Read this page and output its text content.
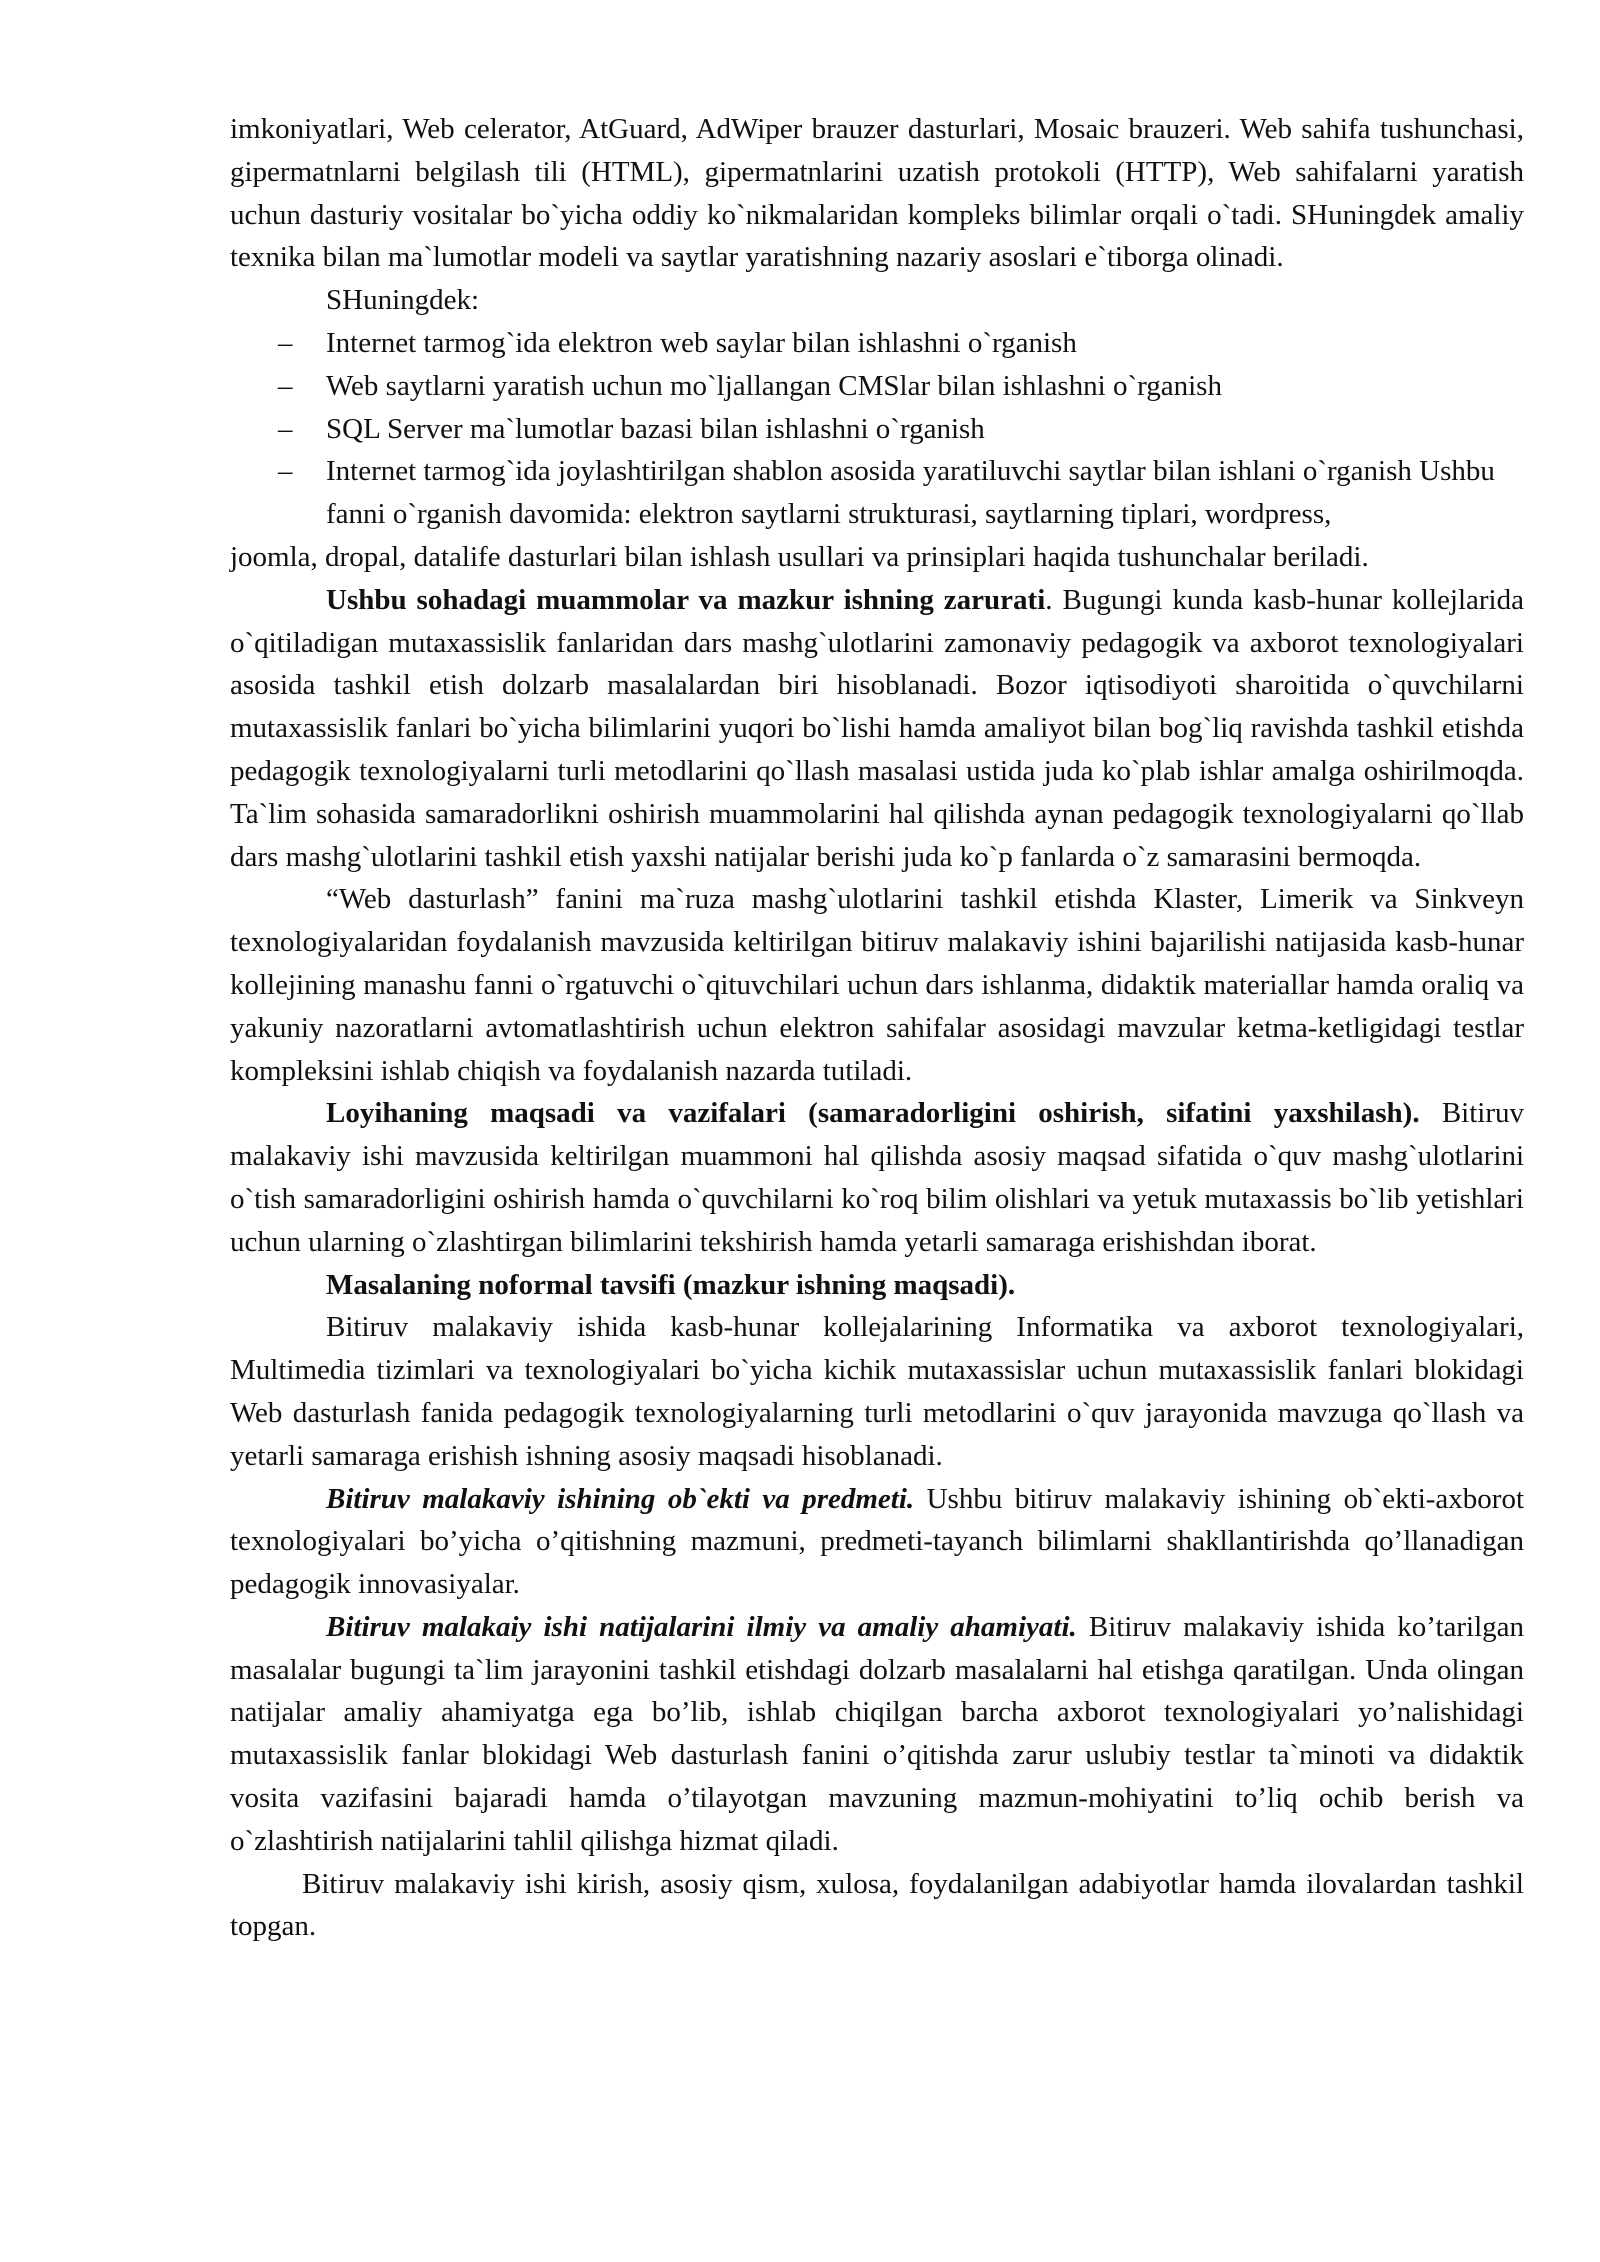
imkoniyatlari, Web celerator, AtGuard, AdWiper brauzer dasturlari, Mosaic brauzeri. Web sahifa tushunchasi, gipermatnlarni belgilash tili (HTML), gipermatnlarini uzatish protokoli (HTTP), Web sahifalarni yaratish uchun dasturiy vositalar bo`yicha oddiy ko`nikmalaridan kompleks bilimlar orqali o`tadi. SHuningdek amaliy texnika bilan ma`lumotlar modeli va saytlar yaratishning nazariy asoslari e`tiborga olinadi.

SHuningdek:

– Internet tarmog`ida elektron web saylar bilan ishlashni o`rganish
– Web saytlarni yaratish uchun mo`ljallangan CMSlar bilan ishlashni o`rganish
– SQL Server ma`lumotlar bazasi bilan ishlashni o`rganish
– Internet tarmog`ida joylashtirilgan shablon asosida yaratiluvchi saytlar bilan ishlani o`rganish Ushbu fanni o`rganish davomida: elektron saytlarni strukturasi, saytlarning tiplari, wordpress,

joomla, dropal, datalife dasturlari bilan ishlash usullari va prinsiplari haqida tushunchalar beriladi.

Ushbu sohadagi muammolar va mazkur ishning zarurati. Bugungi kunda kasb-hunar kollejlarida o`qitiladigan mutaxassislik fanlaridan dars mashg`ulotlarini zamonaviy pedagogik va axborot texnologiyalari asosida tashkil etish dolzarb masalalardan biri hisoblanadi. Bozor iqtisodiyoti sharoitida o`quvchilarni mutaxassislik fanlari bo`yicha bilimlarini yuqori bo`lishi hamda amaliyot bilan bog`liq ravishda tashkil etishda pedagogik texnologiyalarni turli metodlarini qo`llash masalasi ustida juda ko`plab ishlar amalga oshirilmoqda. Ta`lim sohasida samaradorlikni oshirish muammolarini hal qilishda aynan pedagogik texnologiyalarni qo`llab dars mashg`ulotlarini tashkil etish yaxshi natijalar berishi juda ko`p fanlarda o`z samarasini bermoqda.

“Web dasturlash” fanini ma`ruza mashg`ulotlarini tashkil etishda Klaster, Limerik va Sinkveyn texnologiyalaridan foydalanish mavzusida keltirilgan bitiruv malakaviy ishini bajarilishi natijasida kasb-hunar kollejining manashu fanni o`rgatuvchi o`qituvchilari uchun dars ishlanma, didaktik materiallar hamda oraliq va yakuniy nazoratlarni avtomatlashtirish uchun elektron sahifalar asosidagi mavzular ketma-ketligidagi testlar kompleksini ishlab chiqish va foydalanish nazarda tutiladi.

Loyihaning maqsadi va vazifalari (samaradorligini oshirish, sifatini yaxshilash). Bitiruv malakaviy ishi mavzusida keltirilgan muammoni hal qilishda asosiy maqsad sifatida o`quv mashg`ulotlarini o`tish samaradorligini oshirish hamda o`quvchilarni ko`roq bilim olishlari va yetuk mutaxassis bo`lib yetishlari uchun ularning o`zlashtirgan bilimlarini tekshirish hamda yetarli samaraga erishishdan iborat.

Masalaning noformal tavsifi (mazkur ishning maqsadi).

Bitiruv malakaviy ishida kasb-hunar kollejalarining Informatika va axborot texnologiyalari, Multimedia tizimlari va texnologiyalari bo`yicha kichik mutaxassislar uchun mutaxassislik fanlari blokidagi Web dasturlash fanida pedagogik texnologiyalarning turli metodlarini o`quv jarayonida mavzuga qo`llash va yetarli samaraga erishish ishning asosiy maqsadi hisoblanadi.

Bitiruv malakaviy ishining ob`ekti va predmeti. Ushbu bitiruv malakaviy ishining ob`ekti-axborot texnologiyalari bo’yicha o’qitishning mazmuni, predmeti-tayanch bilimlarni shakllantirishda qo’llanadigan pedagogik innovasiyalar.

Bitiruv malakaiy ishi natijalarini ilmiy va amaliy ahamiyati. Bitiruv malakaviy ishida ko’tarilgan masalalar bugungi ta`lim jarayonini tashkil etishdagi dolzarb masalalarni hal etishga qaratilgan. Unda olingan natijalar amaliy ahamiyatga ega bo’lib, ishlab chiqilgan barcha axborot texnologiyalari yo’nalishidagi mutaxassislik fanlar blokidagi Web dasturlash fanini o’qitishda zarur uslubiy testlar ta`minoti va didaktik vosita vazifasini bajaradi hamda o’tilayotgan mavzuning mazmun-mohiyatini to’liq ochib berish va o`zlashtirish natijalarini tahlil qilishga hizmat qiladi.

Bitiruv malakaviy ishi kirish, asosiy qism, xulosa, foydalanilgan adabiyotlar hamda ilovalardan tashkil topgan.
